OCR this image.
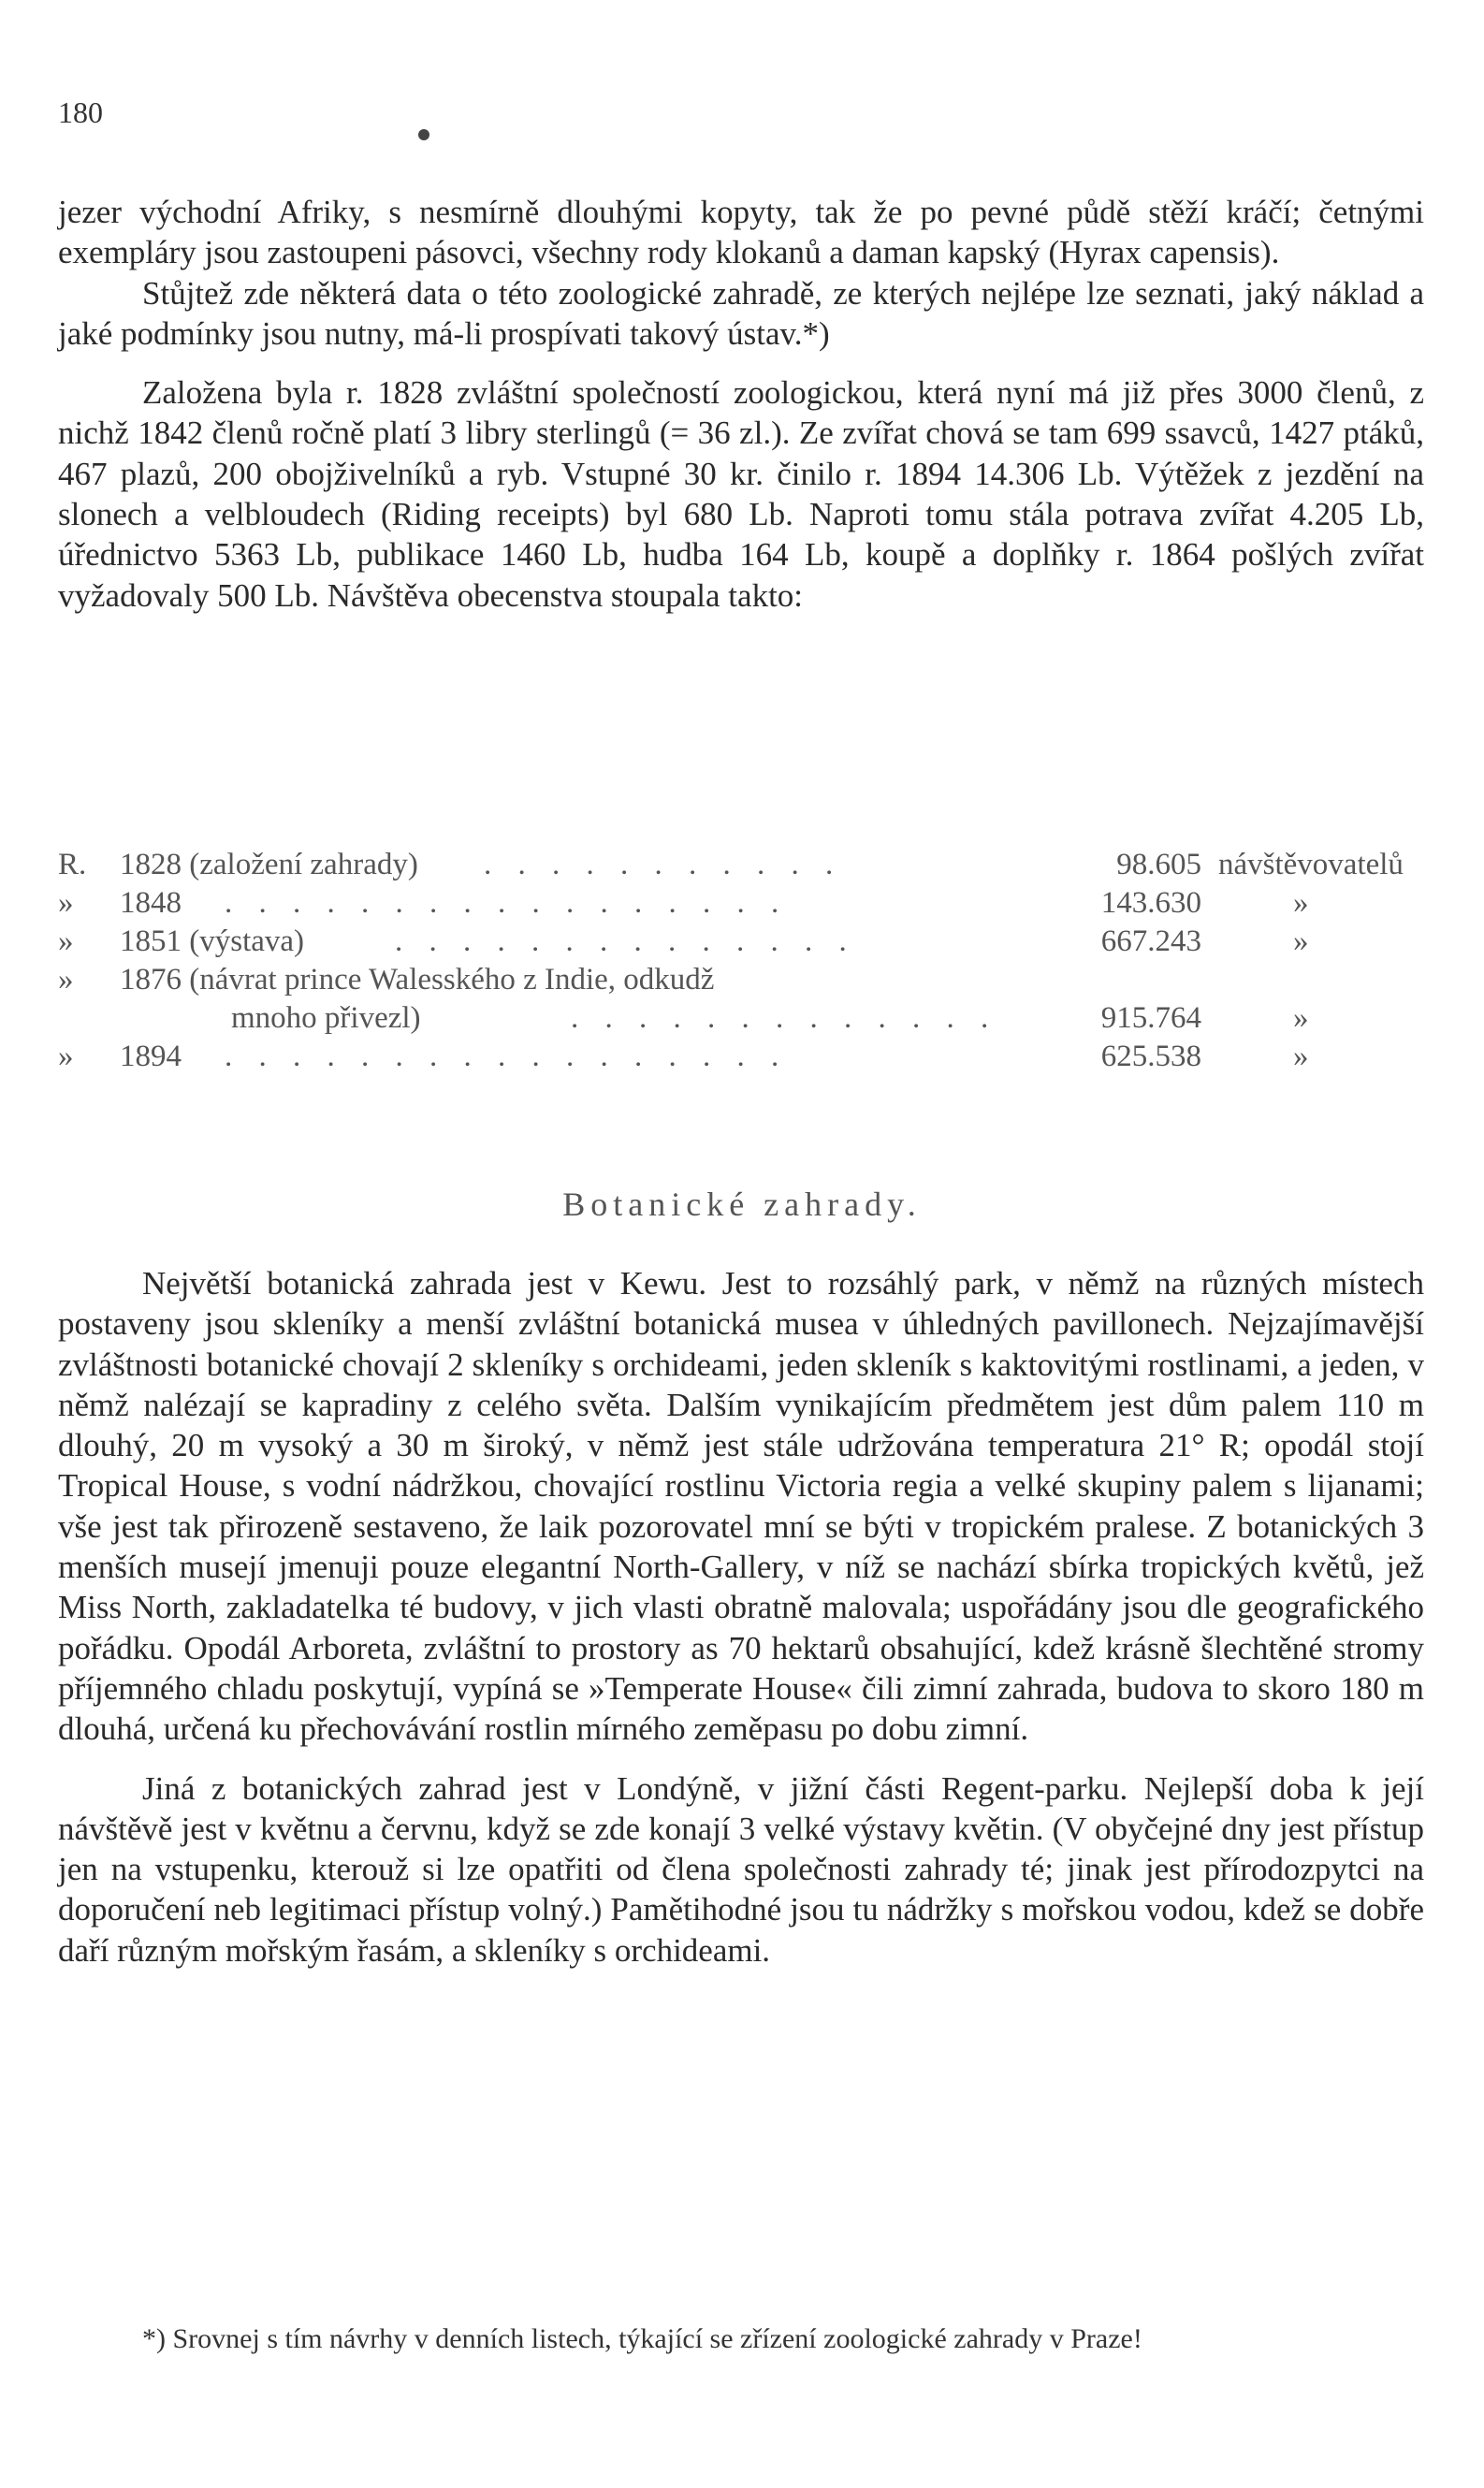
180

jezer východní Afriky, s nesmírně dlouhými kopyty, tak že po pevné půdě stěží kráčí; četnými exempláry jsou zastoupeni pásovci, všechny rody klokanů a daman kapský (Hyrax capensis).

Stůjtež zde některá data o této zoologické zahradě, ze kterých nejlépe lze seznati, jaký náklad a jaké podmínky jsou nutny, má-li prospívati takový ústav.*)

Založena byla r. 1828 zvláštní společností zoologickou, která nyní má již přes 3000 členů, z nichž 1842 členů ročně platí 3 libry sterlingů (= 36 zl.). Ze zvířat chová se tam 699 ssavců, 1427 ptáků, 467 plazů, 200 obojživelníků a ryb. Vstupné 30 kr. činilo r. 1894 14.306 Lb. Výtěžek z jezdění na slonech a velbloudech (Riding receipts) byl 680 Lb. Naproti tomu stála potrava zvířat 4.205 Lb, úřednictvo 5363 Lb, publikace 1460 Lb, hudba 164 Lb, koupě a doplňky r. 1864 pošlých zvířat vyžadovaly 500 Lb. Návštěva obecenstva stoupala takto:

R.	1828 (založení zahrady) . . . . . . . . . . .	98.605 návštěvovatelů
»	1848 . . . . . . . . . . . . . . . . .	143.630	»
»	1851 (výstava)	. . . . . . . . . . . . . .	667.243	»
»	1876 (návrat prince Walesského z Indie, odkudž
mnoho přivezl)	. . . . . . . . . . . . .	915.764	»
»	1894 . . . . . . . . . . . . . . . . .	625.538	»
Botanické zahrady.

Největší botanická zahrada jest v Kewu. Jest to rozsáhlý park, v němž na různých místech postaveny jsou skleníky a menší zvláštní botanická musea v úhledných pavillonech. Nejzajímavější zvláštnosti botanické chovají 2 skleníky s orchideami, jeden skleník s kaktovitými rostlinami, a jeden, v němž nalézají se kapradiny z celého světa. Dalším vynikajícím předmětem jest dům palem 110 m dlouhý, 20 m vysoký a 30 m široký, v němž jest stále udržována temperatura 21° R; opodál stojí Tropical House, s vodní nádržkou, chovající rostlinu Victoria regia a velké skupiny palem s lijanami; vše jest tak přirozeně sestaveno, že laik pozorovatel mní se býti v tropickém pralese. Z botanických 3 menších musejí jmenuji pouze elegantní North-Gallery, v níž se nachází sbírka tropických květů, jež Miss North, zakladatelka té budovy, v jich vlasti obratně malovala; uspořádány jsou dle geografického pořádku. Opodál Arboreta, zvláštní to prostory as 70 hektarů obsahující, kdež krásně šlechtěné stromy příjemného chladu poskytují, vypíná se »Temperate House« čili zimní zahrada, budova to skoro 180 m dlouhá, určená ku přechovávání rostlin mírného zeměpasu po dobu zimní.

Jiná z botanických zahrad jest v Londýně, v jižní části Regent-parku. Nejlepší doba k její návštěvě jest v květnu a červnu, když se zde konají 3 velké výstavy květin. (V obyčejné dny jest přístup jen na vstupenku, kterouž si lze opatřiti od člena společnosti zahrady té; jinak jest přírodozpytci na doporučení neb legitimaci přístup volný.) Pamětihodné jsou tu nádržky s mořskou vodou, kdež se dobře daří různým mořským řasám, a skleníky s orchideami.

*) Srovnej s tím návrhy v denních listech, týkající se zřízení zoologické zahrady v Praze!
